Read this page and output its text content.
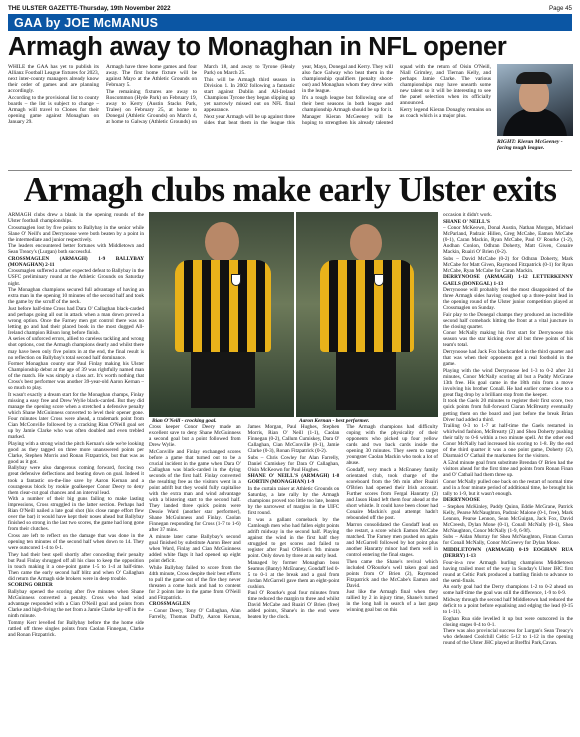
THE ULSTER GAZETTE-Thursday, 19th November 2022	Page 45
GAA by JOE McMANUS
Armagh away to Monaghan in NFL opener

WHILE the GAA has yet to publish its Allianz Football League fixtures for 2023, next inter-county managers already know their order of games and are planning accordingly.

According to the provisional list to county boards – the list is subject to change – Armagh will travel to Clones for their opening game against Monaghan on January 29.

Armagh have three home games and four away. The first home fixture will be against Mayo at the Athletic Grounds on February 5.

The remaining fixtures are away to Roscommon (Hyde Park) on February 19, away to Kerry (Austin Stacks Park, Tralee) on February 25, at home to Donegal (Athletic Grounds) on March 4, at home to Galway (Athletic Grounds) on March 18, and away to Tyrone (Healy Park) on March 25.

This will be Armagh third season in Division 1. In 2002 following a fantastic start against Dublin and All-Ireland Champions Tyrone they began slipping up yet narrowly missed out on NFL final appearance.

Next year Armagh will be up against three sides that beat them in the league this year, Mayo, Donegal and Kerry. They will also face Galway who beat them in the championship qualifiers (penalty shoot-out) and Monaghan whom they drew with in the league.

It's a tough league but following one of their best seasons in both league and championship Armagh should be up for it.

Manager Kieran McGeeney will be hoping to strengthen his already talented squad with the return of Oisin O'Neill, Niall Grimley, and Tiernan Kelly, and perhaps Jamie Clarke. The various championships may have unearth some new talent so it will be interesting to see the panel selection when its officially announced.

Kerry legend Kieran Donaghy remains on as coach which is a major plus.

RIGHT: Kieran McGeeney - facing tough league.
Armagh clubs make early Ulster exits

ARMAGH clubs drew a blank in the opening rounds of the Ulster football championships.

Crossmaglen lost by five points to Ballybay in the senior while Slane O' Neill's and Derrynoose were both beaten by a point in the intermediate and junior respectively.

The leaders encountered better fortunes with Middletown and Sean Treacy's (Lurgan) both successful.

CROSSMAGLEN (ARMAGH) 1-9 BALLYBAY (MONAGHAN) 2-11

Crossmaglen suffered a rather expected defeat to Ballybay in the USFC preliminary round at the Athletic Grounds on Saturday night.

The Monaghan champions secured full advantage of having an extra man in the opening 10 minutes of the second half and took the game by the scruff of the neck.

Just before half-time Cross had Dara O' Callaghan black-carded and perhaps going all out in attack when a man down proved a wrong option. Once the Farney men got control there was no letting go and had their placed book in the most dogged All-Ireland champion Rilson long before finish.

A series of unforced errors, allied to careless tackling and wrong shot options, cost the Armagh champions dearly and whilst there may have been only five points in at the end, the final result is no reflection on Ballybay's total second half dominance.

Former Monaghan county star Paul Finlay making his Ulster Championship debut at the age of 39 was rightfully named man of the match. He was simply a class act. It's worth nothing that Cross's best performer was another 39-year-old Aaron Kernan – so much to play.

It wasn't exactly a dream start for the Monaghan champs, Finlay missing a easy free and Drew Wylie black-carded. But they did manage the opening score when a stretched a defensive penalty which Shane McGuinness converted to level their opener gone. Four minutes later Cross were ahead, a trademark point from Cian McConville followed by a cracking Rian O'Neill goal set up by Jamie Clarke who was often doubled and even trebled marked.

Playing with a strong wind the pitch Kernan's side we're looking good as they tagged on three more unanswered points per Clarke, Stephen Morris and Ronan Fitzpatrick, but that was as good as it got.

Ballybay were also dangerous coming forward, forcing two great defensive deflections and beating down on goal. Indeed it took a fantastic on-the-line save by Aaron Kernan and a courageous block by rookie goalkeeper Conor Deery to deny them clear-cut goal chances and an interval lead.

With a number of their big guns failing to make lasting impressions, Cross struggled in the latter section. Perhaps had Rian O'Neill nailed a late goal shot (his close range effort flew over the bar) it would have kept their noses ahead but Ballybay finished so strong in the last two scores, the game had long gone from their clutches.

Cross are left to reflect on the damage that was done in the opening ten minutes of the second half when down to 14. They were outscored 1-4 to 0-1.

They had their best spell shortly after conceding their penalty but Paul Finlay shrugged off all his class to keep the opposition in touch making it a one-point game 1-5 to 1-4 at half-time. Then came the early second half blitz and when O' Callaghan did return the Armagh side brokers were in deep trouble.

SCORING ORDER

Ballybay opened the scoring after five minutes when Shane McGuinness converted a penalty. Cross who had wind advantage responded with a Cian O'Neill goal and points from Clarke and high-fiving the net from a Jamie Clarke lay-off in the ninth minute.

Tommy Kerr levelled for Ballybay before the the home side rattled off three singles points from Caolan Finnegan, Clarke and Ronan Fitzpatrick.

Bian O'Neill - crocking goal.	Aaron Kernan - best performer.

Cross keeper Conor Deery made an excellent save to deny Shane McGuinness a second goal but a point followed from Drew Wylie.

McConville and Finlay exchanged scores before a game that turned out to be a crucial incident in the game when Dara O' Callaghan was black-carded in the dying seconds of the first half. Finlay converted the resulting free as the visitors went in a point adrift but they would fully capitalise with the extra man and wind advantage with a blistering start to the second half. They landed three quick points were Dessie Ward (another star performer), Shane McGuinness and Finlay. Caolan Finnegan responding for Cross (1-7 to 1-6) after 37 mins.

A minute later came Ballybay's second goal finished by substitute Aaron Beer and when Ward, Finlay and Cian McGuinness added white flags it had opened up eight point deficit.

While Ballybay failed to score from the 44th minute, Cross despite their best efforts to pull the game out of the fire they never threaten a come back and had to content for 2 points late in the game from O'Neill and Fitzpatrick.

CROSSMAGLEN

– Conor Deery, Tony O' Callaghan, Alan Farrelly, Thomas Duffy, Aaron Kernan, James Morgan, Paul Hughes, Stephen Morris, Rian O' Neill (1-1), Caolan Finnegan (0-2), Callum Cumiskey, Dara O' Callaghan, Cian McConville (0-1), Jamie Clarke (0-3), Ronan Fitzpatrick (0-2).

Subs – Chris Cowley for Alan Farrelly, Daniel Cumiskey for Dara O' Callaghan, Oisin McKeown for Paul Hughes.

SHANE O' NEILL'S (ARMAGH) 1-8 GORTIN (MONAGHAN) 1-9

In the curtain raiser at Athletic Grounds on Saturday, a late rally by the Armagh champions proved too little too late, beaten by the narrowest of margins in the UIFC first round.

It was a gallant comeback by the Camlough men who had fallen eight points adrift midway in the second half. Playing against the wind in the first half they struggled to get scores and failed to register after Paul O'Brien's 9th minute point. Only down by three at an early lead.

Managed by former Monaghan boss Seamus (Banty) McEnaney, Gondaff led 0-5 to 0-1 at the break and a goal from Jordan McGarrell gave them an eight-point cushion.

Paul O' Rourke's goal four minutes from time reduced the margin to three and whilst David McCabe and Ruairi O' Brien (free) added points, Shane's in the end were beaten by the clock.

The Armagh champions had difficulty coping with the physicality of their opponents who picked up four yellow cards and two back cards inside the opening 30 minutes. They seem to target youngster Caolan Mackin who took a lot of abuse.

Gondaff, very much a McEnaney family orientated club, took charge of the scoreboard from the 9th min after Ruairi O'Brien had opened their Irish account. Further scores from Fergal Hanratty (2) and Jason Hand left them four ahead at the short whistle. It could have been closer had Conaire Mackin's goal attempt hadn't rebounded off the post.

Marron consolidated the Gondaff lead on the restart, a score which Eamon McCabe matched. The Farney men pushed on again and McGarrell followed by hot point plus another Hanratty minor had them well in control entering the final stages.

Then came the Shane's revival which included O'Rourke's well taken goal and points from O' Brien (2), Raymond Fitzpatrick and the McCabe's Eamon and David.

Just like the Armagh final when they rallied by 2 in injury time, Shane's turned in the long ball in search of a last gasp winning goal but on this

occasion it didn't work.

SHANE O' NEILL'S

– Conor McKeown, Donal Austin, Nathan Morgan, Michael McParland, Padraic Hillen, Greg McCabe, Eamon McCabe (0-1), Caran Mackin, Ryan McCabe, Paul O' Rourke (1-2), Aodhan Conlon, Odhran Doherty, Matt Given, Conaire Mackin, Ruairi O' Brien (0-2).

Subs – David McCabe (0-2) for Odhran Doherty, Mark McCabe for Matt Given, Raymond Fitzpatrick (0-1) for Ryan McCabe, Ryan McCabe for Caran Mackin.

DERRYNOOSE (ARMAGH) 1-12 LETTERKENNY GAELS (DONEGAL) 1-13

Derrynoose will probably feel the most disappointed of the three Armagh sides having coughed up a three-point lead in the opening round of the Ulster junior competition played at Crossmaglen on Sunday.

Fair play to the Donegal champs they produced an incredible second half comeback hitting the front at a vital juncture in the closing quarter.

Conor McNally making his first start for Derrynoose this season was the star kicking over all but three points of his team's total.

Derrynoose had Jack Fox blackcarded in the third quarter and that was when their opponents got a real foothold in the game.

Playing with the wind Derrynoose led 1-3 to 0-2 after 24 minutes, Conor McNally scoring all but a Paddy McGrane 13th free. His goal came in the 18th min from a move involving his brother Conall. He had earlier come close to a great flag drop by a brilliant stop from the keeper.

It took the Gaels 20 minutes to register their first score, two quick points from full-forward Ciaran McBrearty eventually getting them on the board and just before the break Brian Diver had added a third.

Trailing 0-3 to 1-7 at half-time the Gaels restarted in whirlwind fashion, McBrearty (2) and Shea Doherty pushing their tally to 0-6 within a two minute spell. At the other end Conor McNally had increased his scoring to 1-8. By the end of the third quarter it was a one point game, Doherty (2), Diarmaid O' Cathail the marksmen for the visitors.

A 52nd minute goal from substitute Brendan O' Brien had the visitors ahead for the first time and points from Ronan Finan and O' Cathail had them three up.

Conor McNally pulled one back on the restart of normal time and in a four minute period of additional time, he brought his tally to 1-9, but it wasn't enough.

DERRYNOOSE

– Stephen McKinley, Paddy Quinn, Eddie McGrane, Patrick Kelly, Pearse McNaughton, Padraic Malone (0-1, free), Mark Lennon, Pearse Lennon, Sean McGuigan, Jack Fox, David McCreesh, Dylan Mone (0-1), Conall McNally (0-1), Shea McNaughton, Conor McNally (1-9, 6-9f).

Subs – Aidan Murray for Shea McNaughton, Fintan Curran for Conall McNally, Conor McGreevy for Dylan Mone.

MIDDLETOWN (ARMAGH) 0-19 EOGHAN RUA (DERRY) 1-13

Four-in-a row Armagh hurling champions Middletown having trailed most of the way in Sunday's Ulster IHC first round at Celtic Park produced a battling finish to advance to the semi-finals.

An early goal had the Derry champions 1-2 to 0-2 ahead on some half-time the goal was still the difference, 1-9 to 0-9.

Midway through the second half Middletown had reduced the deficit to a point before equalising and edging the lead (0-15 to 1-11).

Eoghan Rua side levelled it up but were outscored in the closing stages 0-4 to 0-1.

There was also provincial success for Lurgan's Sean Treacy's who defeated Coolchill Celtic 5-12 to 1-12 in the opening round of the Ulster JHC played at Breffni Park,Cavan.
